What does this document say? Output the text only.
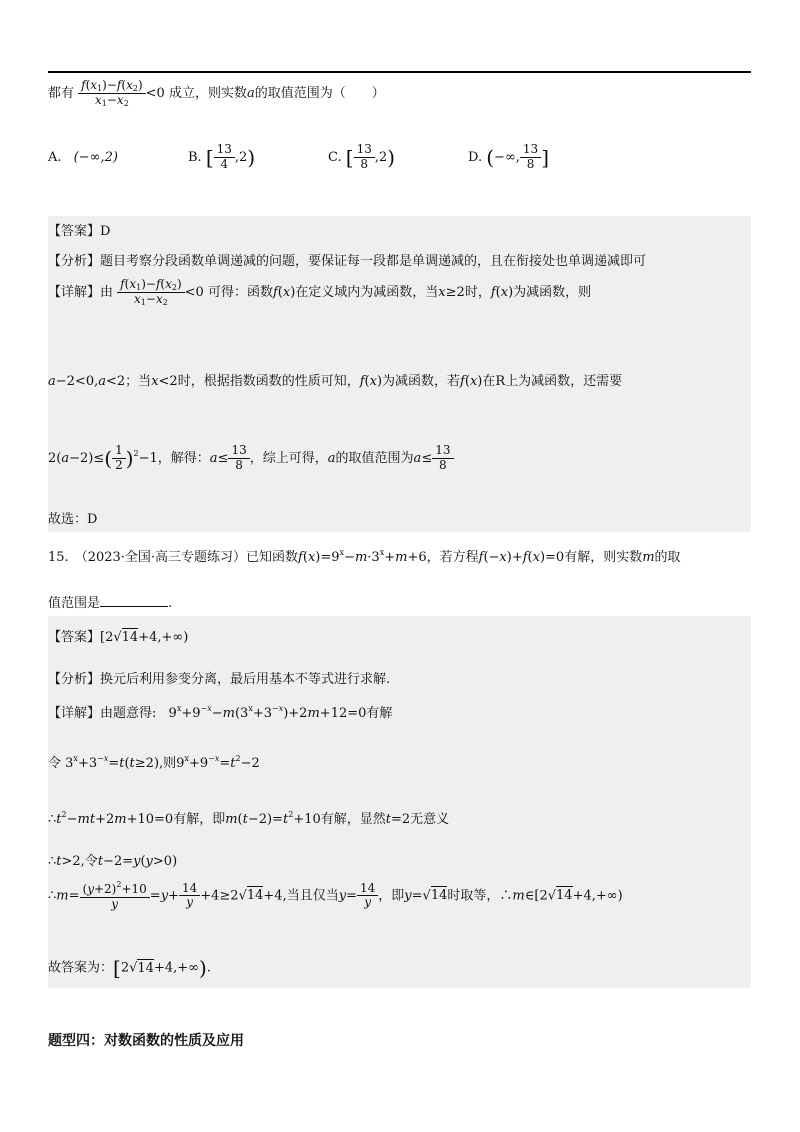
都有 $\frac{f(x_1)-f(x_2)}{x_1-x_2} <0$ 成立，则实数a的取值范围为（　　）
A. (−∞,2)	B. [ $\frac{13}{4} ,2$)	C. [ $\frac{13}{8} ,2$)	D. (−∞, $\frac{13}{8}$ ]
【答案】D
【分析】题目考察分段函数单调递减的问题，要保证每一段都是单调递减的，且在衔接处也单调递减即可
【详解】由 $\frac{f(x_1)-f(x_2)}{x_1-x_2} <0$ 可得：函数f(x)在定义域内为减函数，当x≥2时，f(x)为减函数，则
a−2<0,a<2；当x<2时，根据指数函数的性质可知，f(x)为减函数，若f(x)在R上为减函数，还需要
$2(a-2)\le( \frac{1}{2} )^2-1$，解得：$a\le \frac{13}{8}$ ，综上可得，a的取值范围为$a\le \frac{13}{8}$
故选：D
15. （2023·全国·高三专题练习）已知函数$f(x)=9^x-m\cdot 3^x+m+6$，若方程f(−x)+f(x)=0有解，则实数m的取
值范围是	.
【答案】[2√14+4,+∞)
【分析】换元后利用参变分离，最后用基本不等式进行求解.
【详解】由题意得: $9^x+9^{-x}-m(3^x+3^{-x})+2m+12=0$有解
令 $3^x+3^{-x}=t(t\ge 2)$,则$9^x+9^{-x}=t^2-2$
$\therefore t^2-mt+2m+10=0$有解，即$m(t-2)=t^2+10$有解，显然t=2无意义
∴t>2,令t−2=y(y>0)
∴m= $\frac{(y+2)^2+10}{y} =y+ \frac{14}{y} +4\ge 2√14+4$,当且仅当$y= \frac{14}{y}$ ，即y=√14时取等，∴m∈[2√14+4,+∞)
故答案为：[2√14+4,+∞).
题型四：对数函数的性质及应用
